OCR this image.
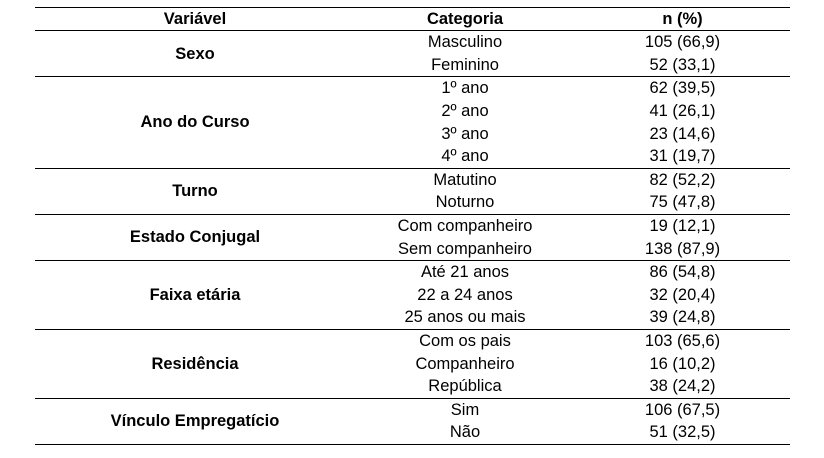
Variável	Categoria	n (%)
Sexo	Masculino	105 (66,9)
	Feminino	52 (33,1)
Ano do Curso	1º ano	62 (39,5)
	2º ano	41 (26,1)
	3º ano	23 (14,6)
	4º ano	31 (19,7)
Turno	Matutino	82 (52,2)
	Noturno	75 (47,8)
Estado Conjugal	Com companheiro	19 (12,1)
	Sem companheiro	138 (87,9)
Faixa etária	Até 21 anos	86 (54,8)
	22 a 24 anos	32 (20,4)
	25 anos ou mais	39 (24,8)
Residência	Com os pais	103 (65,6)
	Companheiro	16 (10,2)
	República	38 (24,2)
Vínculo Empregatício	Sim	106 (67,5)
	Não	51 (32,5)
